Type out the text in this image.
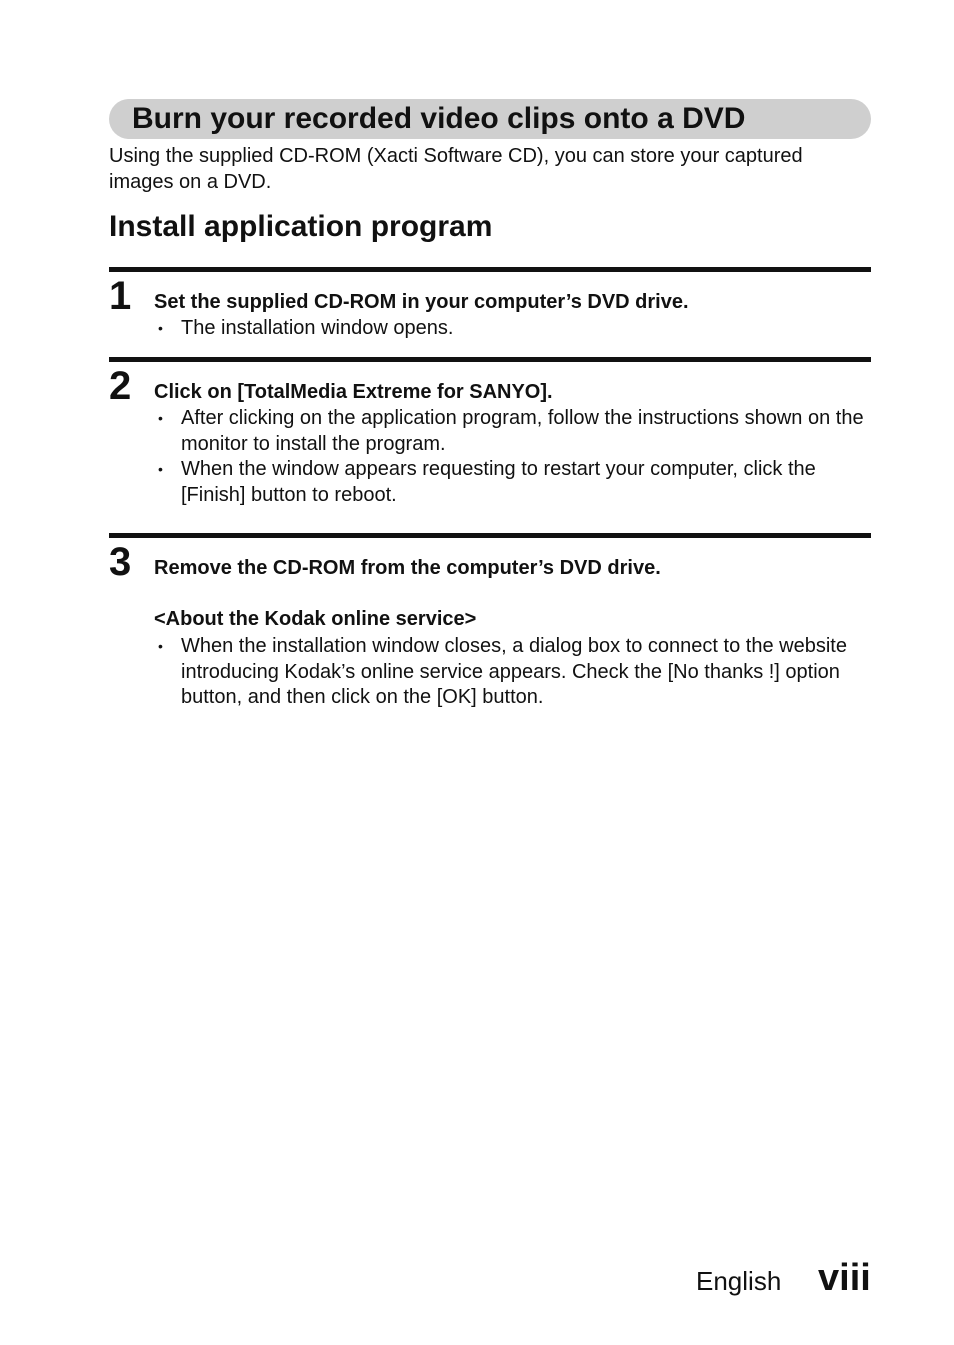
Burn your recorded video clips onto a DVD
Using the supplied CD-ROM (Xacti Software CD), you can store your captured images on a DVD.
Install application program
1 Set the supplied CD-ROM in your computer’s DVD drive.
• The installation window opens.
2 Click on [TotalMedia Extreme for SANYO].
• After clicking on the application program, follow the instructions shown on the monitor to install the program.
• When the window appears requesting to restart your computer, click the [Finish] button to reboot.
3 Remove the CD-ROM from the computer’s DVD drive.
<About the Kodak online service>
• When the installation window closes, a dialog box to connect to the website introducing Kodak’s online service appears. Check the [No thanks !] option button, and then click on the [OK] button.
English viii
